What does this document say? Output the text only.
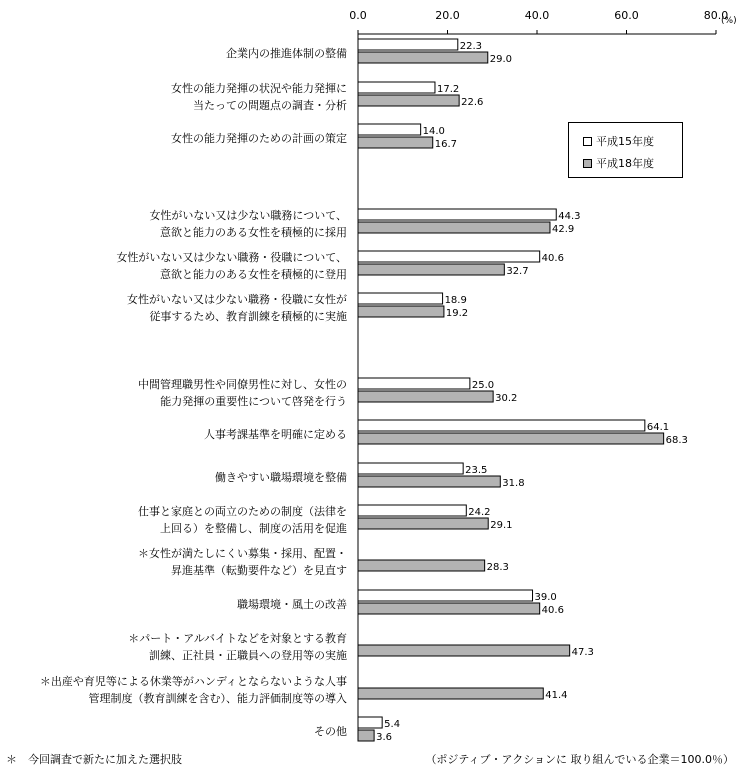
0.0	20.0	40.0	60.0	80.0
(%)
企業内の推進体制の整備
22.3
29.0
女性の能力発揮の状況や能力発揮に
当たっての問題点の調査・分析
17.2
22.6
女性の能力発揮のための計画の策定
14.0
16.7
女性がいない又は少ない職務について、
意欲と能力のある女性を積極的に採用
44.3
42.9
女性がいない又は少ない職務・役職について、
意欲と能力のある女性を積極的に登用
40.6
32.7
女性がいない又は少ない職務・役職に女性が
従事するため、教育訓練を積極的に実施
18.9
19.2
中間管理職男性や同僚男性に対し、女性の
能力発揮の重要性について啓発を行う
25.0
30.2
人事考課基準を明確に定める
64.1
68.3
働きやすい職場環境を整備
23.5
31.8
仕事と家庭との両立のための制度（法律を
上回る）を整備し、制度の活用を促進
24.2
29.1
＊女性が満たしにくい募集・採用、配置・
昇進基準（転勤要件など）を見直す	28.3
職場環境・風土の改善
39.0
40.6
＊パート・アルバイトなどを対象とする教育
訓練、正社員・正職員への登用等の実施	47.3
＊出産や育児等による休業等がハンディとならないような人事
管理制度（教育訓練を含む）、能力評価制度等の導入	41.4
その他
5.4
3.6
平成15年度
平成18年度
＊　今回調査で新たに加えた選択肢	（ポジティブ・アクションに 取り組んでいる企業＝100.0％）
